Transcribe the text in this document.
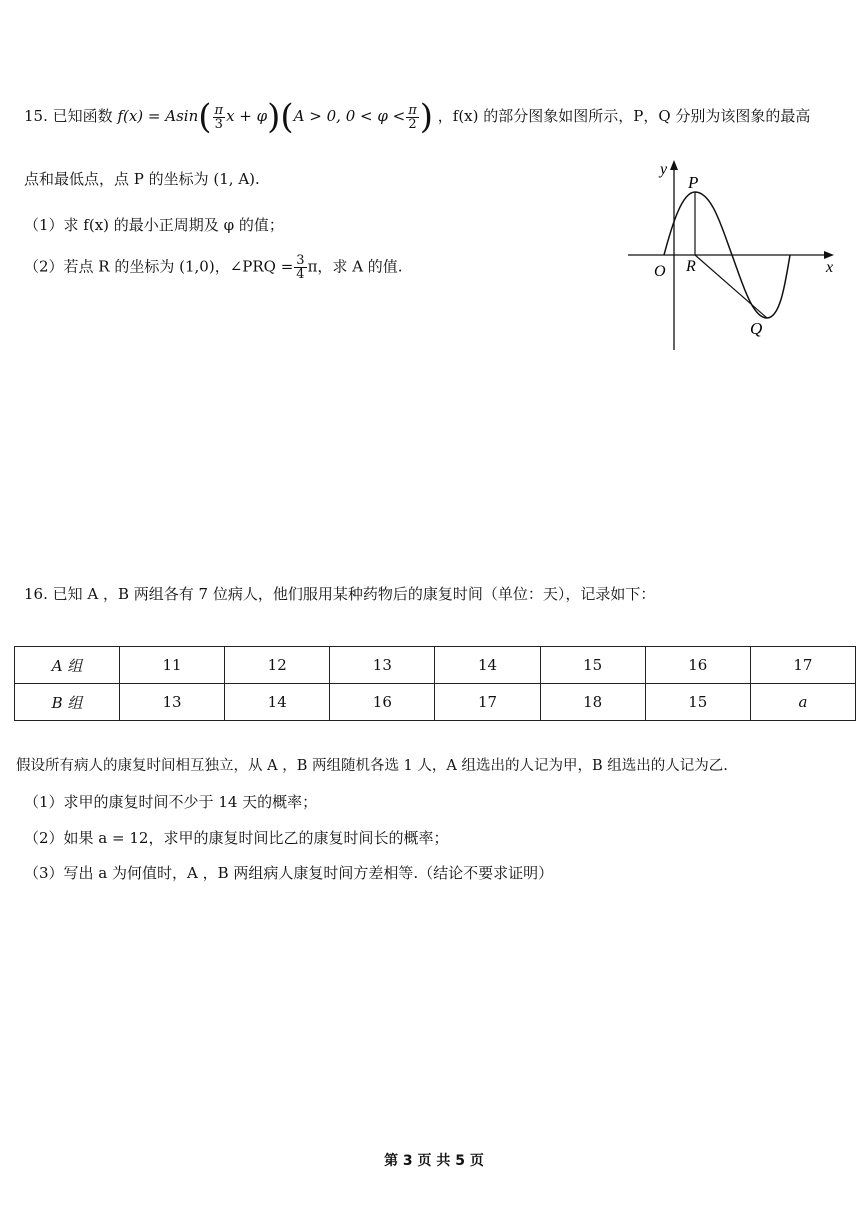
15. 已知函数 $f(x) = Asin( \frac{\pi}{3}$ x + φ)(A > 0, $0 < \varphi < \frac{\pi}{2}$ ) ，f(x) 的部分图象如图所示，P，Q 分别为该图象的最高
点和最低点，点 P 的坐标为 (1, A).
（1）求 f(x) 的最小正周期及 φ 的值；
（2）若点 R 的坐标为 (1,0)，∠PRQ = $\frac{3}{4}$ π，求 A 的值.
y
x
O
P
R
Q
16. 已知 A ，B 两组各有 7 位病人，他们服用某种药物后的康复时间（单位：天），记录如下：
A 组	11	12	13	14	15	16	17
B 组	13	14	16	17	18	15	a
假设所有病人的康复时间相互独立，从 A ，B 两组随机各选 1 人，A 组选出的人记为甲，B 组选出的人记为乙.
（1）求甲的康复时间不少于 14 天的概率；
（2）如果 a = 12，求甲的康复时间比乙的康复时间长的概率；
（3）写出 a 为何值时，A ，B 两组病人康复时间方差相等.（结论不要求证明）
第 3 页 共 5 页
